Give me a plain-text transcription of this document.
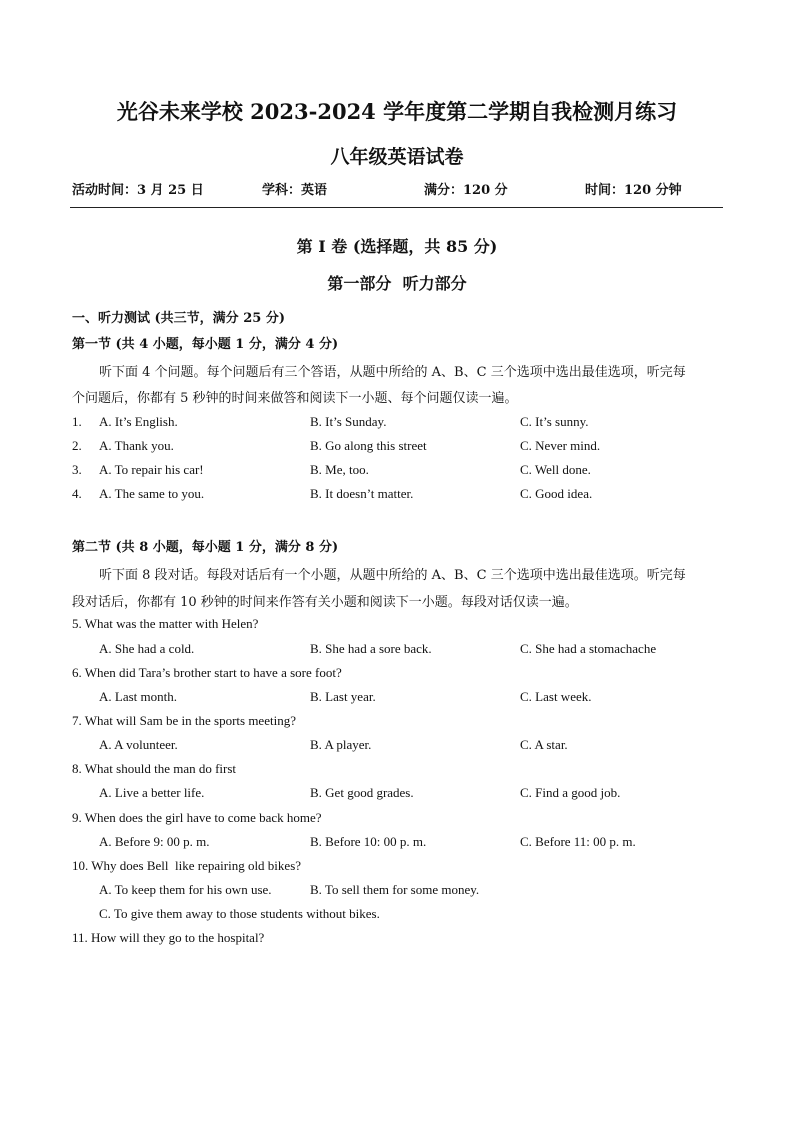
光谷未来学校 2023-2024 学年度第二学期自我检测月练习
八年级英语试卷
活动时间：3 月 25 日	学科：英语	满分：120 分	时间：120 分钟
第 I 卷 (选择题，共 85 分)
第一部分  听力部分
一、听力测试 (共三节，满分 25 分)
第一节 (共 4 小题，每小题 1 分，满分 4 分)
听下面 4 个问题。每个问题后有三个答语，从题中所给的 A、B、C 三个选项中选出最佳选项，听完每
个问题后，你都有 5 秒钟的时间来做答和阅读下一小题、每个问题仅读一遍。
1. A. It’s English.	B. It’s Sunday.	C. It’s sunny.
2. A. Thank you.	B. Go along this street	C. Never mind.
3. A. To repair his car!	B. Me, too.	C. Well done.
4. A. The same to you.	B. It doesn’t matter.	C. Good idea.
第二节 (共 8 小题，每小题 1 分，满分 8 分)
听下面 8 段对话。每段对话后有一个小题，从题中所给的 A、B、C 三个选项中选出最佳选项。听完每
段对话后，你都有 10 秒钟的时间来作答有关小题和阅读下一小题。每段对话仅读一遍。
5. What was the matter with Helen?
A. She had a cold.	B. She had a sore back.	C. She had a stomachache
6. When did Tara’s brother start to have a sore foot?
A. Last month.	B. Last year.	C. Last week.
7. What will Sam be in the sports meeting?
A. A volunteer.	B. A player.	C. A star.
8. What should the man do first
A. Live a better life.	B. Get good grades.	C. Find a good job.
9. When does the girl have to come back home?
A. Before 9: 00 p. m.	B. Before 10: 00 p. m.	C. Before 11: 00 p. m.
10. Why does Bell  like repairing old bikes?
A. To keep them for his own use.	B. To sell them for some money.
C. To give them away to those students without bikes.
11. How will they go to the hospital?
